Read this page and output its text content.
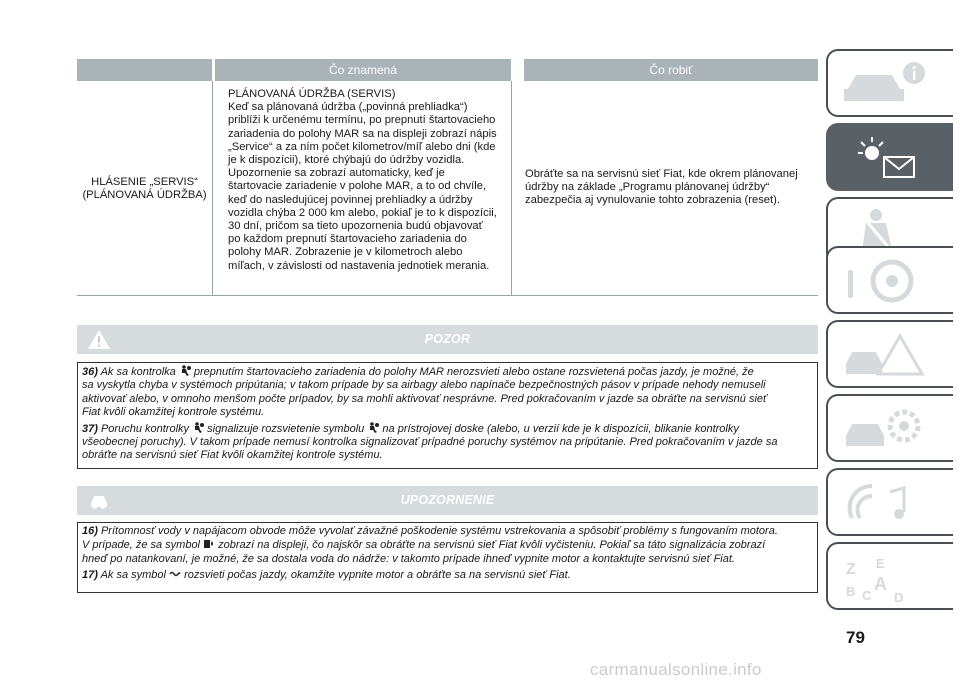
Čo znamená	Čo robiť
HLÁSENIE „SERVIS“
(PLÁNOVANÁ ÚDRŽBA)
PLÁNOVANÁ ÚDRŽBA (SERVIS)
Keď sa plánovaná údržba („povinná prehliadka“)
priblíži k určenému termínu, po prepnutí štartovacieho
zariadenia do polohy MAR sa na displeji zobrazí nápis
„Service“ a za ním počet kilometrov/míľ alebo dni (kde
je k dispozícii), ktoré chýbajú do údržby vozidla.
Upozornenie sa zobrazí automaticky, keď je
štartovacie zariadenie v polohe MAR, a to od chvíle,
keď do nasledujúcej povinnej prehliadky a údržby
vozidla chýba 2 000 km alebo, pokiaľ je to k dispozícii,
30 dní, pričom sa tieto upozornenia budú objavovať
po každom prepnutí štartovacieho zariadenia do
polohy MAR. Zobrazenie je v kilometroch alebo
míľach, v závislosti od nastavenia jednotiek merania.
Obráťte sa na servisnú sieť Fiat, kde okrem plánovanej
údržby na základe „Programu plánovanej údržby“
zabezpečia aj vynulovanie tohto zobrazenia (reset).
POZOR

36) Ak sa kontrolka prepnutím štartovacieho zariadenia do polohy MAR nerozsvieti alebo ostane rozsvietená počas jazdy, je možné, že
sa vyskytla chyba v systémoch pripútania; v takom prípade by sa airbagy alebo napínače bezpečnostných pásov v prípade nehody nemuseli
aktivovať alebo, v omnoho menšom počte prípadov, by sa mohli aktivovať nesprávne. Pred pokračovaním v jazde sa obráťte na servisnú sieť
Fiat kvôli okamžitej kontrole systému.

37) Poruchu kontrolky signalizuje rozsvietenie symbolu na prístrojovej doske (alebo, u verzií kde je k dispozícii, blikanie kontrolky
všeobecnej poruchy). V takom prípade nemusí kontrolka signalizovať prípadné poruchy systémov na pripútanie. Pred pokračovaním v jazde sa
obráťte na servisnú sieť Fiat kvôli okamžitej kontrole systému.

UPOZORNENIE

16) Prítomnosť vody v napájacom obvode môže vyvolať závažné poškodenie systému vstrekovania a spôsobiť problémy s fungovaním motora.
V prípade, že sa symbol zobrazí na displeji, čo najskôr sa obráťte na servisnú sieť Fiat kvôli vyčisteniu. Pokiaľ sa táto signalizácia zobrazí
hneď po natankovaní, je možné, že sa dostala voda do nádrže: v takomto prípade ihneď vypnite motor a kontaktujte servisnú sieť Fiat.

17) Ak sa symbol rozsvieti počas jazdy, okamžite vypnite motor a obráťte sa na servisnú sieť Fiat.	Z E
B A
C D
79
carmanualsonline.info
